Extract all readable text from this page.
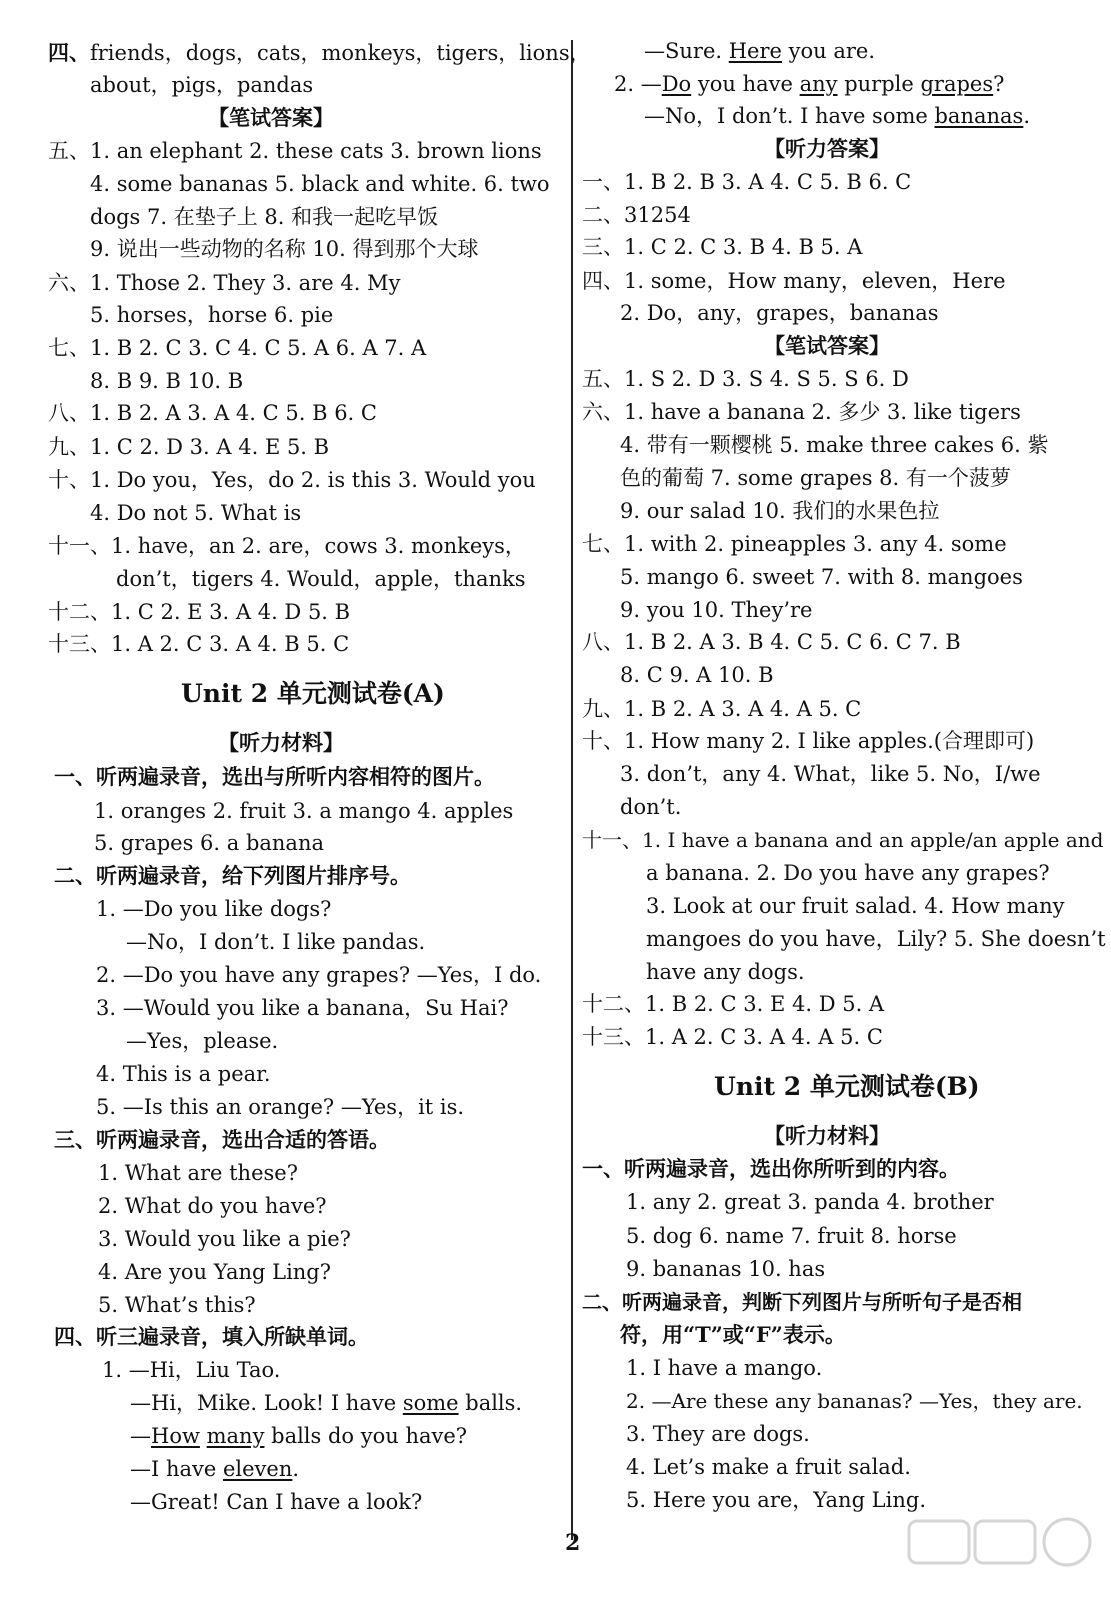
四、friends，dogs，cats，monkeys，tigers，lions，
about，pigs，pandas
【笔试答案】
五、1. an elephant 2. these cats 3. brown lions
4. some bananas 5. black and white. 6. two
dogs 7. 在垫子上 8. 和我一起吃早饭
9. 说出一些动物的名称 10. 得到那个大球
六、1. Those 2. They 3. are 4. My
5. horses，horse 6. pie
七、1. B 2. C 3. C 4. C 5. A 6. A 7. A
8. B 9. B 10. B
八、1. B 2. A 3. A 4. C 5. B 6. C
九、1. C 2. D 3. A 4. E 5. B
十、1. Do you，Yes，do 2. is this 3. Would you
4. Do not 5. What is
十一、1. have，an 2. are，cows 3. monkeys，
don’t，tigers 4. Would，apple，thanks
十二、1. C 2. E 3. A 4. D 5. B
十三、1. A 2. C 3. A 4. B 5. C
Unit 2 单元测试卷(A)
【听力材料】
一、听两遍录音，选出与所听内容相符的图片。
1. oranges 2. fruit 3. a mango 4. apples
5. grapes 6. a banana
二、听两遍录音，给下列图片排序号。
1. —Do you like dogs?
—No，I don’t. I like pandas.
2. —Do you have any grapes? —Yes，I do.
3. —Would you like a banana，Su Hai?
—Yes，please.
4. This is a pear.
5. —Is this an orange? —Yes，it is.
三、听两遍录音，选出合适的答语。
1. What are these?
2. What do you have?
3. Would you like a pie?
4. Are you Yang Ling?
5. What’s this?
四、听三遍录音，填入所缺单词。
1. —Hi，Liu Tao.
—Hi，Mike. Look! I have some balls.
—How many balls do you have?
—I have eleven.
—Great! Can I have a look?
—Sure. Here you are.
2. —Do you have any purple grapes?
—No，I don’t. I have some bananas.
【听力答案】
一、1. B 2. B 3. A 4. C 5. B 6. C
二、31254
三、1. C 2. C 3. B 4. B 5. A
四、1. some，How many，eleven，Here
2. Do，any，grapes，bananas
【笔试答案】
五、1. S 2. D 3. S 4. S 5. S 6. D
六、1. have a banana 2. 多少 3. like tigers
4. 带有一颗樱桃 5. make three cakes 6. 紫
色的葡萄 7. some grapes 8. 有一个菠萝
9. our salad 10. 我们的水果色拉
七、1. with 2. pineapples 3. any 4. some
5. mango 6. sweet 7. with 8. mangoes
9. you 10. They’re
八、1. B 2. A 3. B 4. C 5. C 6. C 7. B
8. C 9. A 10. B
九、1. B 2. A 3. A 4. A 5. C
十、1. How many 2. I like apples.(合理即可)
3. don’t，any 4. What，like 5. No，I/we
don’t.
十一、1. I have a banana and an apple/an apple and
a banana. 2. Do you have any grapes?
3. Look at our fruit salad. 4. How many
mangoes do you have，Lily? 5. She doesn’t
have any dogs.
十二、1. B 2. C 3. E 4. D 5. A
十三、1. A 2. C 3. A 4. A 5. C
Unit 2 单元测试卷(B)
【听力材料】
一、听两遍录音，选出你所听到的内容。
1. any 2. great 3. panda 4. brother
5. dog 6. name 7. fruit 8. horse
9. bananas 10. has
二、听两遍录音，判断下列图片与所听句子是否相
符，用“T”或“F”表示。
1. I have a mango.
2. —Are these any bananas? —Yes，they are.
3. They are dogs.
4. Let’s make a fruit salad.
5. Here you are，Yang Ling.
2
